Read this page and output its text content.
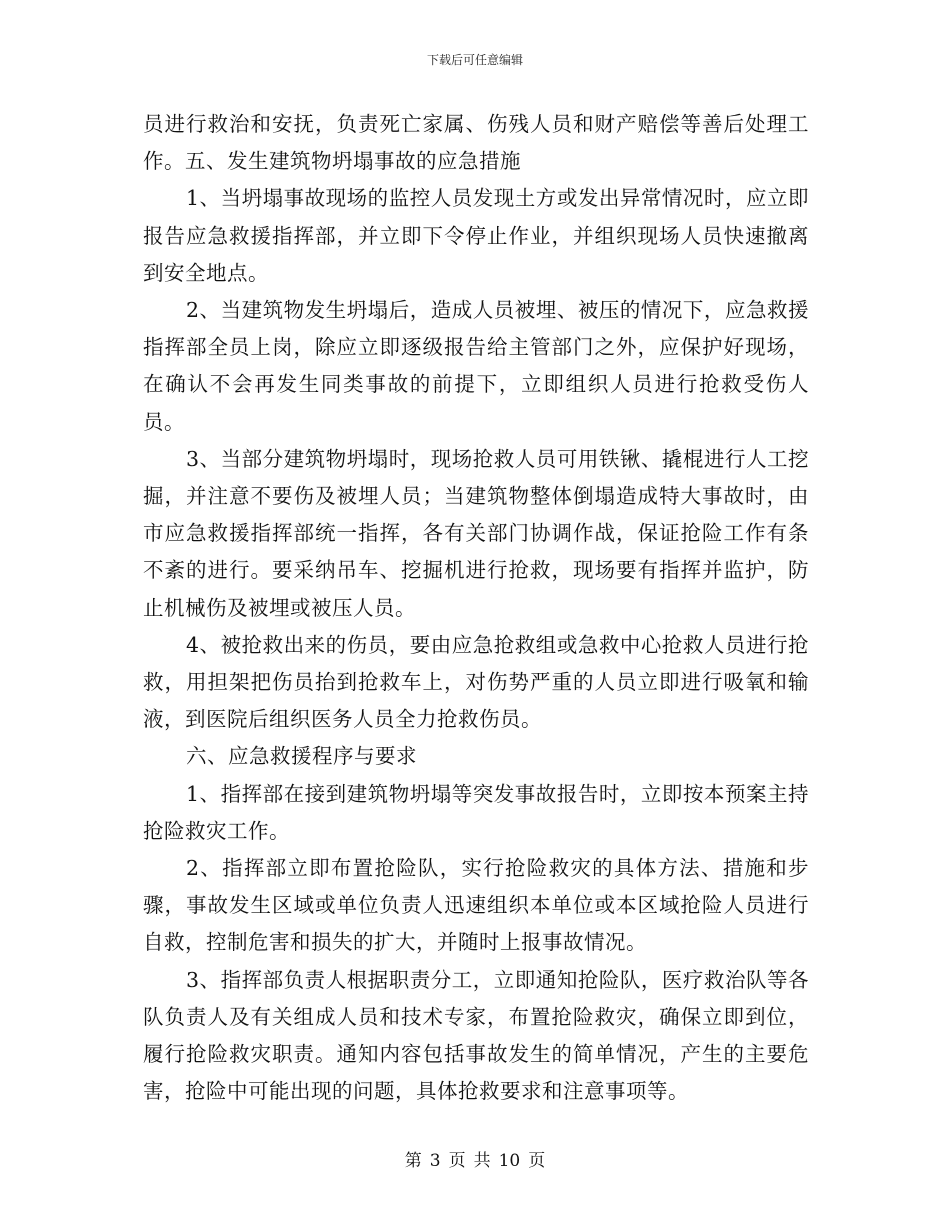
下载后可任意编辑

员进行救治和安抚，负责死亡家属、伤残人员和财产赔偿等善后处理工作。五、发生建筑物坍塌事故的应急措施

1、当坍塌事故现场的监控人员发现土方或发出异常情况时，应立即报告应急救援指挥部，并立即下令停止作业，并组织现场人员快速撤离到安全地点。

2、当建筑物发生坍塌后，造成人员被埋、被压的情况下，应急救援指挥部全员上岗，除应立即逐级报告给主管部门之外，应保护好现场，在确认不会再发生同类事故的前提下，立即组织人员进行抢救受伤人员。

3、当部分建筑物坍塌时，现场抢救人员可用铁锹、撬棍进行人工挖掘，并注意不要伤及被埋人员；当建筑物整体倒塌造成特大事故时，由市应急救援指挥部统一指挥，各有关部门协调作战，保证抢险工作有条不紊的进行。要采纳吊车、挖掘机进行抢救，现场要有指挥并监护，防止机械伤及被埋或被压人员。

4、被抢救出来的伤员，要由应急抢救组或急救中心抢救人员进行抢救，用担架把伤员抬到抢救车上，对伤势严重的人员立即进行吸氧和输液，到医院后组织医务人员全力抢救伤员。

六、应急救援程序与要求

1、指挥部在接到建筑物坍塌等突发事故报告时，立即按本预案主持抢险救灾工作。

2、指挥部立即布置抢险队，实行抢险救灾的具体方法、措施和步骤，事故发生区域或单位负责人迅速组织本单位或本区域抢险人员进行自救，控制危害和损失的扩大，并随时上报事故情况。

3、指挥部负责人根据职责分工，立即通知抢险队，医疗救治队等各队负责人及有关组成人员和技术专家，布置抢险救灾，确保立即到位，履行抢险救灾职责。通知内容包括事故发生的简单情况，产生的主要危害，抢险中可能出现的问题，具体抢救要求和注意事项等。

第 3 页 共 10 页
